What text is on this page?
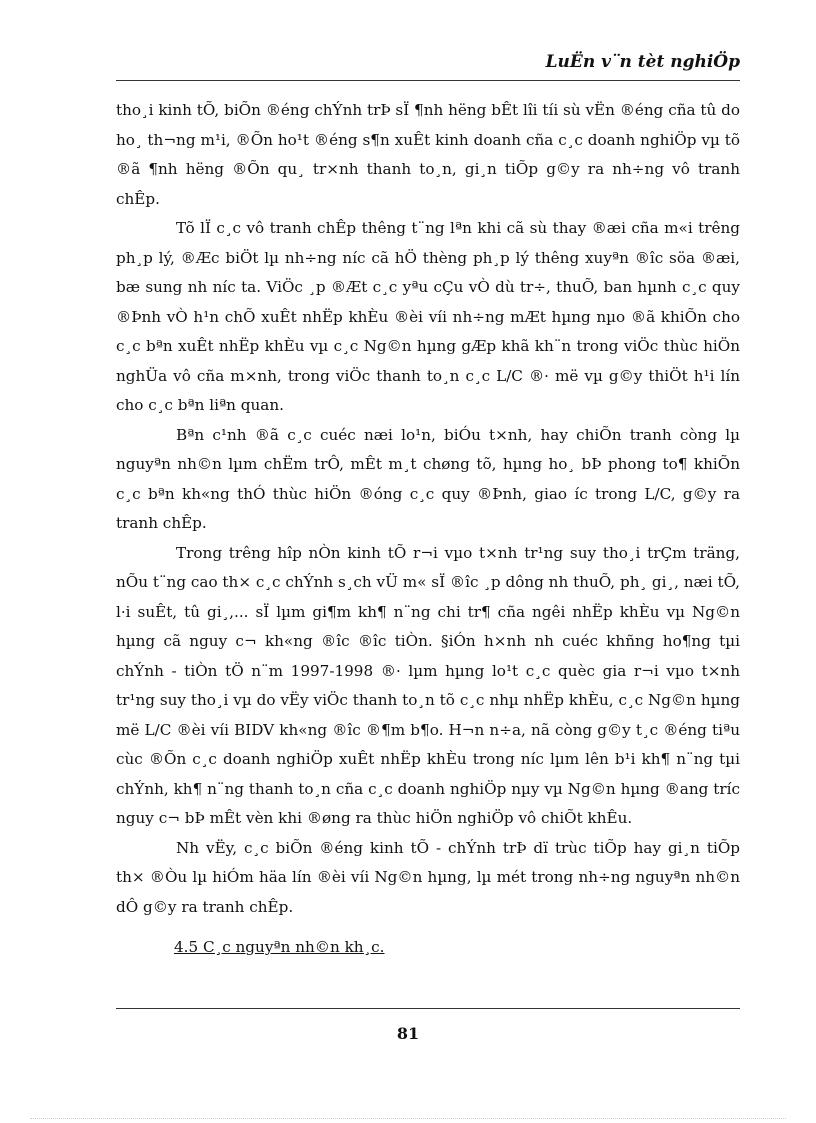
LuËn v¨n tèt nghiÖp

tho¸i kinh tÕ, biÕn ®éng chÝnh trÞ sÏ ¶nh hëng bÊt lîi tíi sù vËn ®éng cña tû do ho¸ th¬ng m¹i, ®Õn ho¹t ®éng s¶n xuÊt kinh doanh cña c¸c doanh nghiÖp vµ tõ ®ã ¶nh hëng ®Õn qu¸ tr×nh thanh to¸n, gi¸n tiÕp g©y ra nh÷ng vô tranh chÊp.

Tõ lÏ c¸c vô tranh chÊp thêng t¨ng lªn khi cã sù thay ®æi cña m«i trêng ph¸p lý, ®Æc biÖt lµ nh÷ng níc cã hÖ thèng ph¸p lý thêng xuyªn ®îc söa ®æi, bæ sung nh níc ta. ViÖc ¸p ®Æt c¸c yªu cÇu vÒ dù tr÷, thuÕ, ban hµnh c¸c quy ®Þnh vÒ h¹n chÕ xuÊt nhËp khÈu ®èi víi nh÷ng mÆt hµng nµo ®ã khiÕn cho c¸c bªn xuÊt nhËp khÈu vµ c¸c Ng©n hµng gÆp khã kh¨n trong viÖc thùc hiÖn nghÜa vô cña m×nh, trong viÖc thanh to¸n c¸c L/C ®· më vµ g©y thiÖt h¹i lín cho c¸c bªn liªn quan.

Bªn c¹nh ®ã c¸c cuéc næi lo¹n, biÓu t×nh, hay chiÕn tranh còng lµ nguyªn nh©n lµm chËm trÔ, mÊt m¸t chøng tõ, hµng ho¸ bÞ phong to¶ khiÕn c¸c bªn kh«ng thÓ thùc hiÖn ®óng c¸c quy ®Þnh, giao íc trong L/C, g©y ra tranh chÊp.

Trong trêng hîp nÒn kinh tÕ r¬i vµo t×nh tr¹ng suy tho¸i trÇm träng, nÕu t¨ng cao th× c¸c chÝnh s¸ch vÜ m« sÏ ®îc ¸p dông nh thuÕ, ph¸ gi¸, næi tÕ, l·i suÊt, tû gi¸,... sÏ lµm gi¶m kh¶ n¨ng chi tr¶ cña ngêi nhËp khÈu vµ Ng©n hµng cã nguy c¬ kh«ng ®îc ®îc tiÒn. §iÓn h×nh nh cuéc khñng ho¶ng tµi chÝnh - tiÒn tÖ n¨m 1997-1998 ®· lµm hµng lo¹t c¸c quèc gia r¬i vµo t×nh tr¹ng suy tho¸i vµ do vËy viÖc thanh to¸n tõ c¸c nhµ nhËp khÈu, c¸c Ng©n hµng më L/C ®èi víi BIDV kh«ng ®îc ®¶m b¶o. H¬n n÷a, nã còng g©y t¸c ®éng tiªu cùc ®Õn c¸c doanh nghiÖp xuÊt nhËp khÈu trong níc lµm lên b¹i kh¶ n¨ng tµi chÝnh, kh¶ n¨ng thanh to¸n cña c¸c doanh nghiÖp nµy vµ Ng©n hµng ®ang tríc nguy c¬ bÞ mÊt vèn khi ®øng ra thùc hiÖn nghiÖp vô chiÕt khÊu.

Nh vËy, c¸c biÕn ®éng kinh tÕ - chÝnh trÞ dï trùc tiÕp hay gi¸n tiÕp th× ®Òu lµ hiÓm häa lín ®èi víi Ng©n hµng, lµ mét trong nh÷ng nguyªn nh©n dÔ g©y ra tranh chÊp.

4.5 C¸c nguyªn nh©n kh¸c.
81
